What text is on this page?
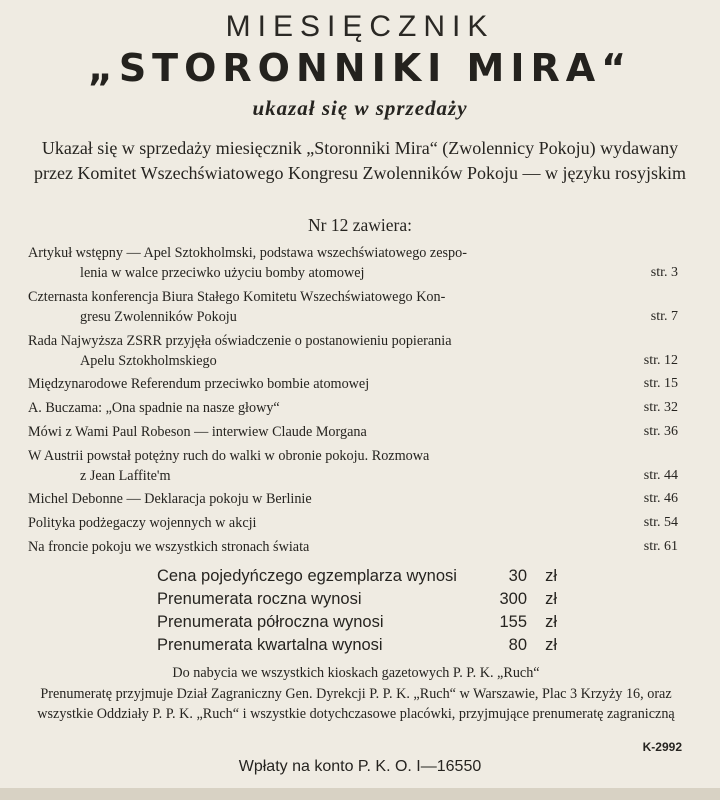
MIESIĘCZNIK
„STORONNIKI MIRA“
ukazał się w sprzedaży
Ukazał się w sprzedaży miesięcznik „Storonniki Mira“ (Zwolennicy Pokoju) wydawany przez Komitet Wszechświatowego Kongresu Zwolenników Pokoju — w języku rosyjskim
Nr 12 zawiera:
Artykuł wstępny — Apel Sztokholmski, podstawa wszechświatowego zespo-
lenia w walce przeciwko użyciu bomby atomowej	str. 3
Czternasta konferencja Biura Stałego Komitetu Wszechświatowego Kon-
gresu Zwolenników Pokoju	str. 7
Rada Najwyższa ZSRR przyjęła oświadczenie o postanowieniu popierania
Apelu Sztokholmskiego	str. 12
Międzynarodowe Referendum przeciwko bombie atomowej	str. 15
A. Buczama: „Ona spadnie na nasze głowy“	str. 32
Mówi z Wami Paul Robeson — interwiew Claude Morgana	str. 36
W Austrii powstał potężny ruch do walki w obronie pokoju. Rozmowa
z Jean Laffite'm	str. 44
Michel Debonne — Deklaracja pokoju w Berlinie	str. 46
Polityka podżegaczy wojennych w akcji	str. 54
Na froncie pokoju we wszystkich stronach świata	str. 61
Cena pojedyńczego egzemplarza wynosi	30 zł
Prenumerata roczna wynosi	300 zł
Prenumerata półroczna wynosi	155 zł
Prenumerata kwartalna wynosi	80 zł
Do nabycia we wszystkich kioskach gazetowych P. P. K. „Ruch“
Prenumeratę przyjmuje Dział Zagraniczny Gen. Dyrekcji P. P. K. „Ruch“ w Warszawie, Plac 3 Krzyży 16, oraz wszystkie Oddziały P. P. K. „Ruch“ i wszystkie dotychczasowe placówki, przyjmujące prenumeratę zagraniczną
K-2992
Wpłaty na konto P. K. O. I—16550
